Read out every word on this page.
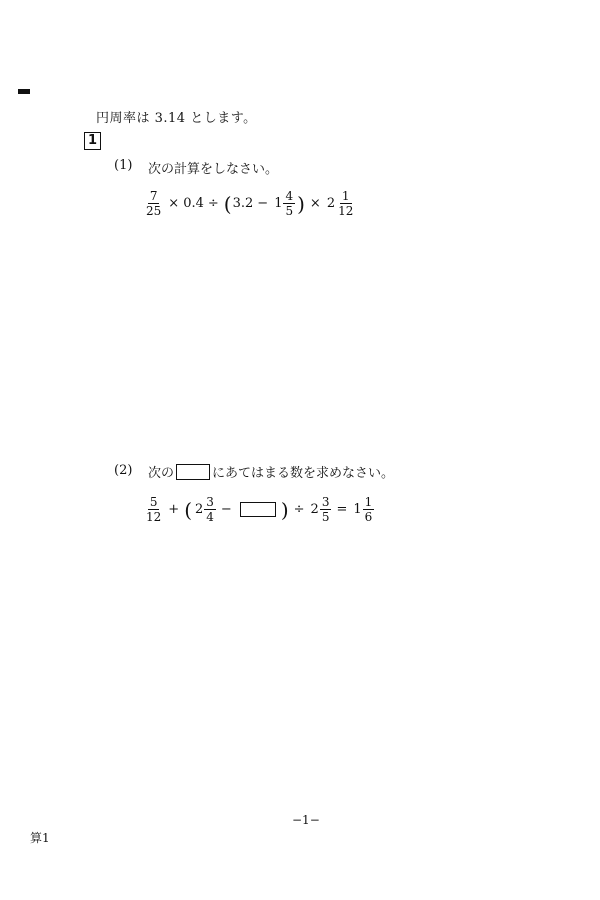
円周率は 3.14 とします。
1
(1) 次の計算をしなさい。
$\frac{7}{25} \times 0.4$ ÷ ( $3.2 - 1 \frac{4}{5}$ ) × $2 \frac{1}{12}$
(2) 次の	にあてはまる数を求めなさい。
$\frac{5}{12}$ + ( $2 \frac{3}{4}$ − ) ÷ $2 \frac{3}{5} = 1 \frac{1}{6}$
−1−
算1
